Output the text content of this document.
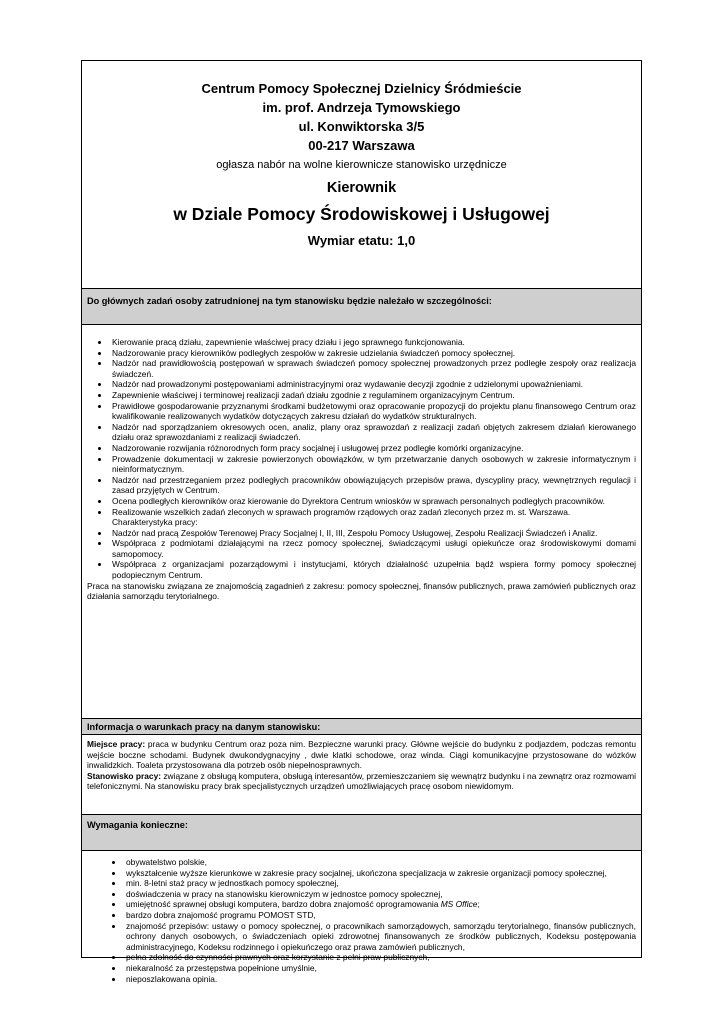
Centrum Pomocy Społecznej Dzielnicy Śródmieście
im. prof. Andrzeja Tymowskiego
ul. Konwiktorska 3/5
00-217 Warszawa
ogłasza nabór na wolne kierownicze stanowisko urzędnicze
Kierownik
w Dziale Pomocy Środowiskowej i Usługowej
Wymiar etatu: 1,0
Do głównych zadań osoby zatrudnionej na tym stanowisku będzie należało w szczególności:
• Kierowanie pracą działu, zapewnienie właściwej pracy działu i jego sprawnego funkcjonowania.
• Nadzorowanie pracy kierowników podległych zespołów w zakresie udzielania świadczeń pomocy społecznej.
• Nadzór nad prawidłowością postępowań w sprawach świadczeń pomocy społecznej prowadzonych przez podległe zespoły oraz realizacja świadczeń.
• Nadzór nad prowadzonymi postępowaniami administracyjnymi oraz wydawanie decyzji zgodnie z udzielonymi upoważnieniami.
• Zapewnienie właściwej i terminowej realizacji zadań działu zgodnie z regulaminem organizacyjnym Centrum.
• Prawidłowe gospodarowanie przyznanymi środkami budżetowymi oraz opracowanie propozycji do projektu planu finansowego Centrum oraz kwalifikowanie realizowanych wydatków dotyczących zakresu działań do wydatków strukturalnych.
• Nadzór nad sporządzaniem okresowych ocen, analiz, plany oraz sprawozdań z realizacji zadań objętych zakresem działań kierowanego działu oraz sprawozdaniami z realizacji świadczeń.
• Nadzorowanie rozwijania różnorodnych form pracy socjalnej i usługowej przez podległe komórki organizacyjne.
• Prowadzenie dokumentacji w zakresie powierzonych obowiązków, w tym przetwarzanie danych osobowych w zakresie informatycznym i nieinformatycznym.
• Nadzór nad przestrzeganiem przez podległych pracowników obowiązujących przepisów prawa, dyscypliny pracy, wewnętrznych regulacji i zasad przyjętych w Centrum.
• Ocena podległych kierowników oraz kierowanie do Dyrektora Centrum wniosków w sprawach personalnych podległych pracowników.
• Realizowanie wszelkich zadań zleconych w sprawach programów rządowych oraz zadań zleconych przez m. st. Warszawa.
Charakterystyka pracy:
• Nadzór nad pracą Zespołów Terenowej Pracy Socjalnej I, II, III, Zespołu Pomocy Usługowej, Zespołu Realizacji Świadczeń i Analiz.
• Współpraca z podmiotami działającymi na rzecz pomocy społecznej, świadczącymi usługi opiekuńcze oraz środowiskowymi domami samopomocy.
• Współpraca z organizacjami pozarządowymi i instytucjami, których działalność uzupełnia bądź wspiera formy pomocy społecznej podopiecznym Centrum.

Praca na stanowisku związana ze znajomością zagadnień z zakresu: pomocy społecznej, finansów publicznych, prawa zamówień publicznych oraz działania samorządu terytorialnego.

Informacja o warunkach pracy na danym stanowisku:

Miejsce pracy: praca w budynku Centrum oraz poza nim. Bezpieczne warunki pracy. Główne wejście do budynku z podjazdem, podczas remontu wejście boczne schodami. Budynek dwukondygnacyjny , dwie klatki schodowe, oraz winda. Ciągi komunikacyjne przystosowane do wózków inwalidzkich. Toaleta przystosowana dla potrzeb osób niepełnosprawnych.

Stanowisko pracy: związane z obsługą komputera, obsługą interesantów, przemieszczaniem się wewnątrz budynku i na zewnątrz oraz rozmowami telefonicznymi. Na stanowisku pracy brak specjalistycznych urządzeń umożliwiających pracę osobom niewidomym.

Wymagania konieczne:
• obywatelstwo polskie,
• wykształcenie wyższe kierunkowe w zakresie pracy socjalnej, ukończona specjalizacja w zakresie organizacji pomocy społecznej,
• min. 8-letni staż pracy w jednostkach pomocy społecznej,
• doświadczenia w pracy na stanowisku kierowniczym w jednostce pomocy społecznej,
• umiejętność sprawnej obsługi komputera, bardzo dobra znajomość oprogramowania MS Office;
• bardzo dobra znajomość programu POMOST STD,
• znajomość przepisów: ustawy o pomocy społecznej, o pracownikach samorządowych, samorządu terytorialnego, finansów publicznych, ochrony danych osobowych, o świadczeniach opieki zdrowotnej finansowanych ze środków publicznych, Kodeksu postępowania administracyjnego, Kodeksu rodzinnego i opiekuńczego oraz prawa zamówień publicznych,
• pełna zdolność do czynności prawnych oraz korzystanie z pełni praw publicznych,
• niekaralność za przestępstwa popełnione umyślnie,
• nieposzlakowana opinia.
